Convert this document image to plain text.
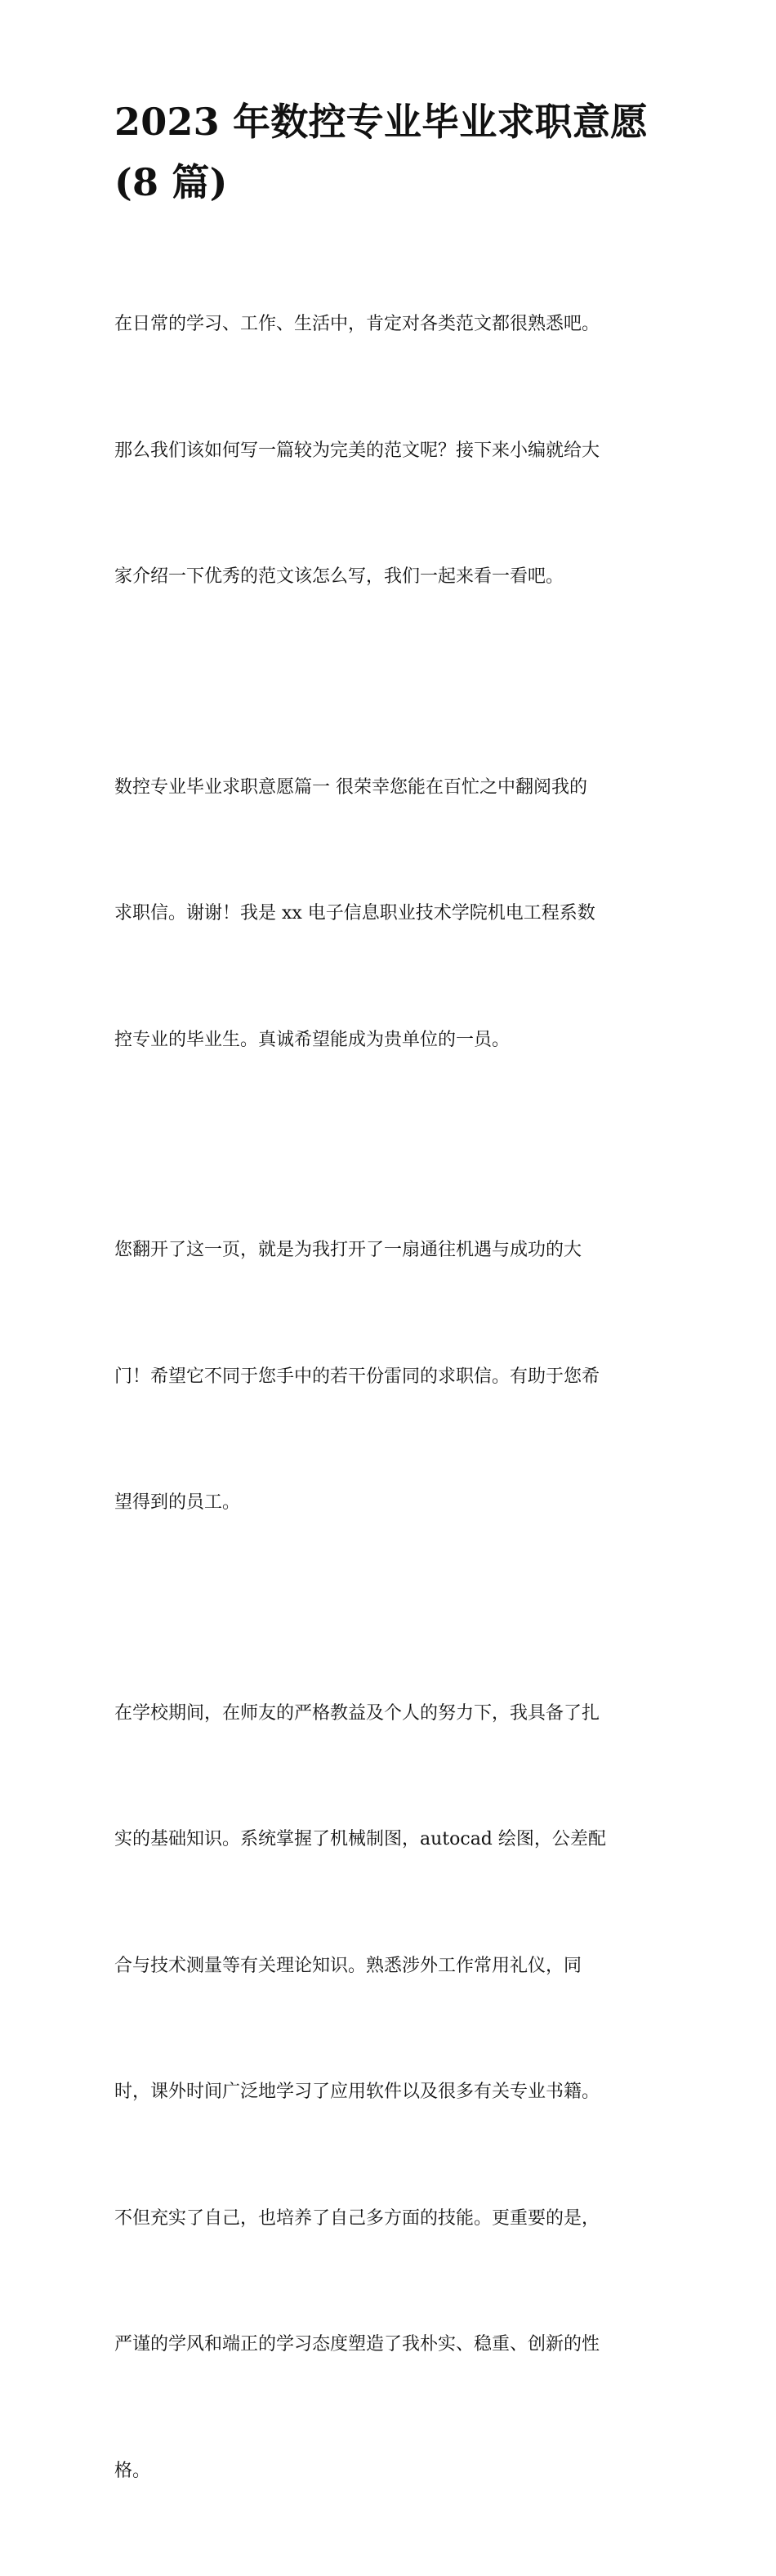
2023 年数控专业毕业求职意愿
(8 篇)

在日常的学习、工作、生活中，肯定对各类范文都很熟悉吧。

那么我们该如何写一篇较为完美的范文呢？接下来小编就给大

家介绍一下优秀的范文该怎么写，我们一起来看一看吧。

数控专业毕业求职意愿篇一 很荣幸您能在百忙之中翻阅我的

求职信。谢谢！我是 xx 电子信息职业技术学院机电工程系数

控专业的毕业生。真诚希望能成为贵单位的一员。

您翻开了这一页，就是为我打开了一扇通往机遇与成功的大

门！希望它不同于您手中的若干份雷同的求职信。有助于您希

望得到的员工。

在学校期间，在师友的严格教益及个人的努力下，我具备了扎

实的基础知识。系统掌握了机械制图，autocad 绘图，公差配

合与技术测量等有关理论知识。熟悉涉外工作常用礼仪，同

时，课外时间广泛地学习了应用软件以及很多有关专业书籍。

不但充实了自己，也培养了自己多方面的技能。更重要的是，

严谨的学风和端正的学习态度塑造了我朴实、稳重、创新的性

格。
